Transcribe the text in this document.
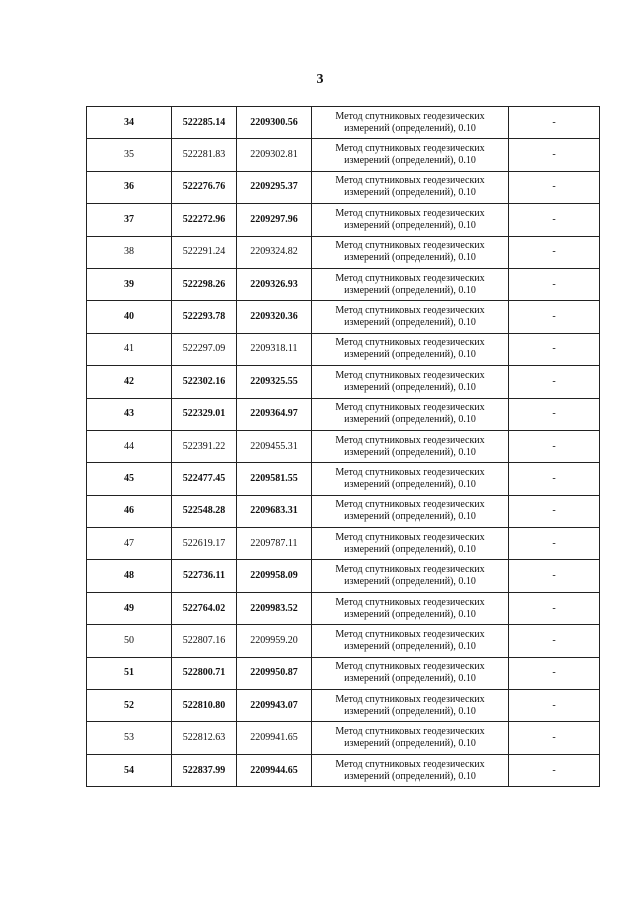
3
34	522285.14	2209300.56	Метод спутниковых геодезических
измерений (определений), 0.10	-
35	522281.83	2209302.81	Метод спутниковых геодезических
измерений (определений), 0.10	-
36	522276.76	2209295.37	Метод спутниковых геодезических
измерений (определений), 0.10	-
37	522272.96	2209297.96	Метод спутниковых геодезических
измерений (определений), 0.10	-
38	522291.24	2209324.82	Метод спутниковых геодезических
измерений (определений), 0.10	-
39	522298.26	2209326.93	Метод спутниковых геодезических
измерений (определений), 0.10	-
40	522293.78	2209320.36	Метод спутниковых геодезических
измерений (определений), 0.10	-
41	522297.09	2209318.11	Метод спутниковых геодезических
измерений (определений), 0.10	-
42	522302.16	2209325.55	Метод спутниковых геодезических
измерений (определений), 0.10	-
43	522329.01	2209364.97	Метод спутниковых геодезических
измерений (определений), 0.10	-
44	522391.22	2209455.31	Метод спутниковых геодезических
измерений (определений), 0.10	-
45	522477.45	2209581.55	Метод спутниковых геодезических
измерений (определений), 0.10	-
46	522548.28	2209683.31	Метод спутниковых геодезических
измерений (определений), 0.10	-
47	522619.17	2209787.11	Метод спутниковых геодезических
измерений (определений), 0.10	-
48	522736.11	2209958.09	Метод спутниковых геодезических
измерений (определений), 0.10	-
49	522764.02	2209983.52	Метод спутниковых геодезических
измерений (определений), 0.10	-
50	522807.16	2209959.20	Метод спутниковых геодезических
измерений (определений), 0.10	-
51	522800.71	2209950.87	Метод спутниковых геодезических
измерений (определений), 0.10	-
52	522810.80	2209943.07	Метод спутниковых геодезических
измерений (определений), 0.10	-
53	522812.63	2209941.65	Метод спутниковых геодезических
измерений (определений), 0.10	-
54	522837.99	2209944.65	Метод спутниковых геодезических
измерений (определений), 0.10	-
